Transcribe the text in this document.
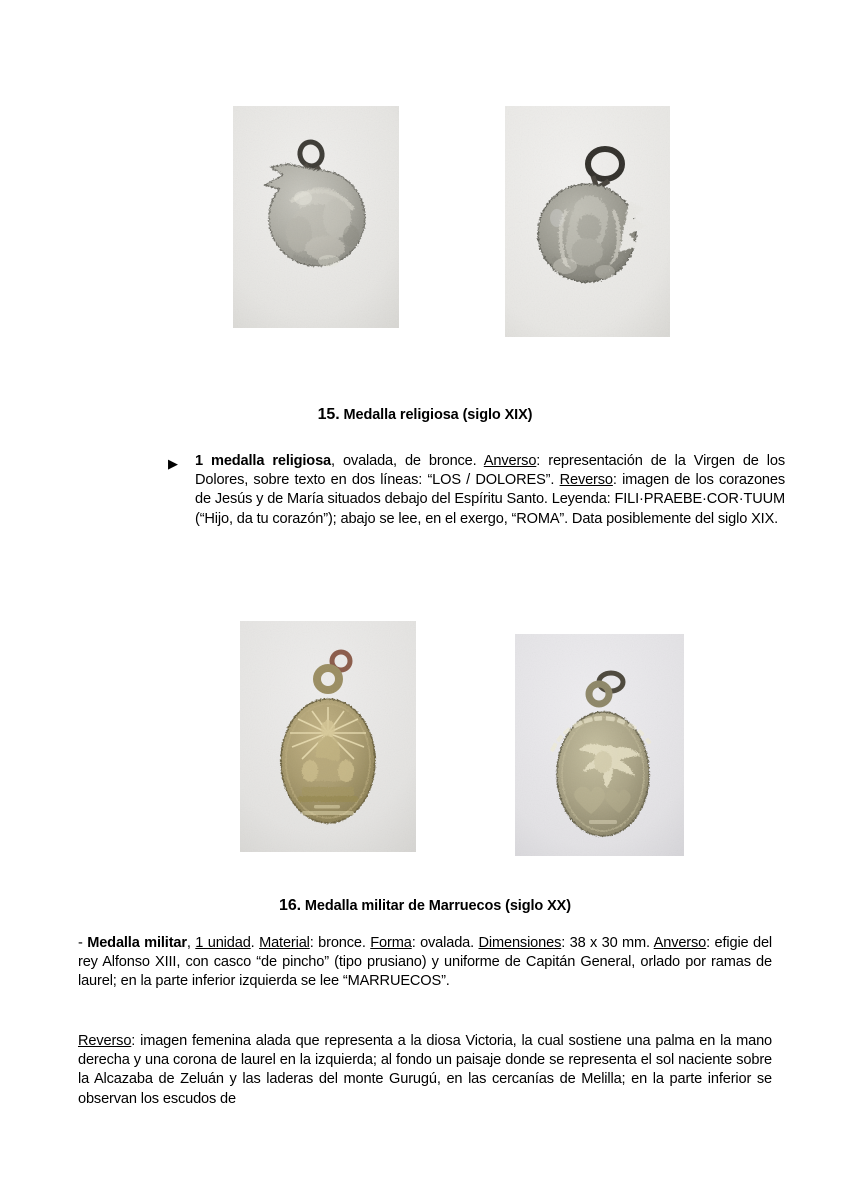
15. Medalla religiosa (siglo XIX)
▶ 1 medalla religiosa, ovalada, de bronce. Anverso: representación de la Virgen de los Dolores, sobre texto en dos líneas: “LOS / DOLORES”. Reverso: imagen de los corazones de Jesús y de María situados debajo del Espíritu Santo. Leyenda: FILI·PRAEBE·COR·TUUM (“Hijo, da tu corazón”); abajo se lee, en el exergo, “ROMA”. Data posiblemente del siglo XIX.
16. Medalla militar de Marruecos (siglo XX)
- Medalla militar, 1 unidad. Material: bronce. Forma: ovalada. Dimensiones: 38 x 30 mm. Anverso: efigie del rey Alfonso XIII, con casco “de pincho” (tipo prusiano) y uniforme de Capitán General, orlado por ramas de laurel; en la parte inferior izquierda se lee “MARRUECOS”.
Reverso: imagen femenina alada que representa a la diosa Victoria, la cual sostiene una palma en la mano derecha y una corona de laurel en la izquierda; al fondo un paisaje donde se representa el sol naciente sobre la Alcazaba de Zeluán y las laderas del monte Gurugú, en las cercanías de Melilla; en la parte inferior se observan los escudos de
